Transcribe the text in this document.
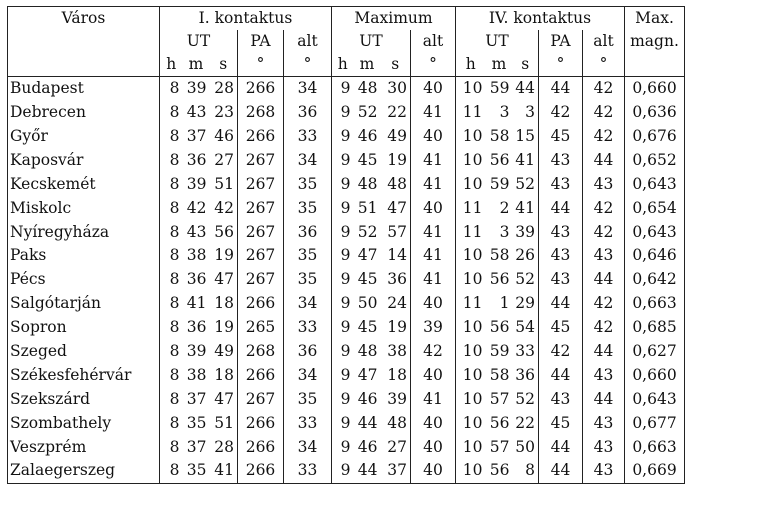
Város	I. kontaktus					Maximum				IV. kontaktus					Max.
	UT			PA	alt	UT			alt	UT			PA	alt	magn.
	h	m	s	°	°	h	m	s	°	h	m	s	°	°	
Budapest	8	39	28	266	34	9	48	30	40	10	59	44	44	42	0,660
Debrecen	8	43	23	268	36	9	52	22	41	11	3	3	42	42	0,636
Győr	8	37	46	266	33	9	46	49	40	10	58	15	45	42	0,676
Kaposvár	8	36	27	267	34	9	45	19	41	10	56	41	43	44	0,652
Kecskemét	8	39	51	267	35	9	48	48	41	10	59	52	43	43	0,643
Miskolc	8	42	42	267	35	9	51	47	40	11	2	41	44	42	0,654
Nyíregyháza	8	43	56	267	36	9	52	57	41	11	3	39	43	42	0,643
Paks	8	38	19	267	35	9	47	14	41	10	58	26	43	43	0,646
Pécs	8	36	47	267	35	9	45	36	41	10	56	52	43	44	0,642
Salgótarján	8	41	18	266	34	9	50	24	40	11	1	29	44	42	0,663
Sopron	8	36	19	265	33	9	45	19	39	10	56	54	45	42	0,685
Szeged	8	39	49	268	36	9	48	38	42	10	59	33	42	44	0,627
Székesfehérvár	8	38	18	266	34	9	47	18	40	10	58	36	44	43	0,660
Szekszárd	8	37	47	267	35	9	46	39	41	10	57	52	43	44	0,643
Szombathely	8	35	51	266	33	9	44	48	40	10	56	22	45	43	0,677
Veszprém	8	37	28	266	34	9	46	27	40	10	57	50	44	43	0,663
Zalaegerszeg	8	35	41	266	33	9	44	37	40	10	56	8	44	43	0,669
